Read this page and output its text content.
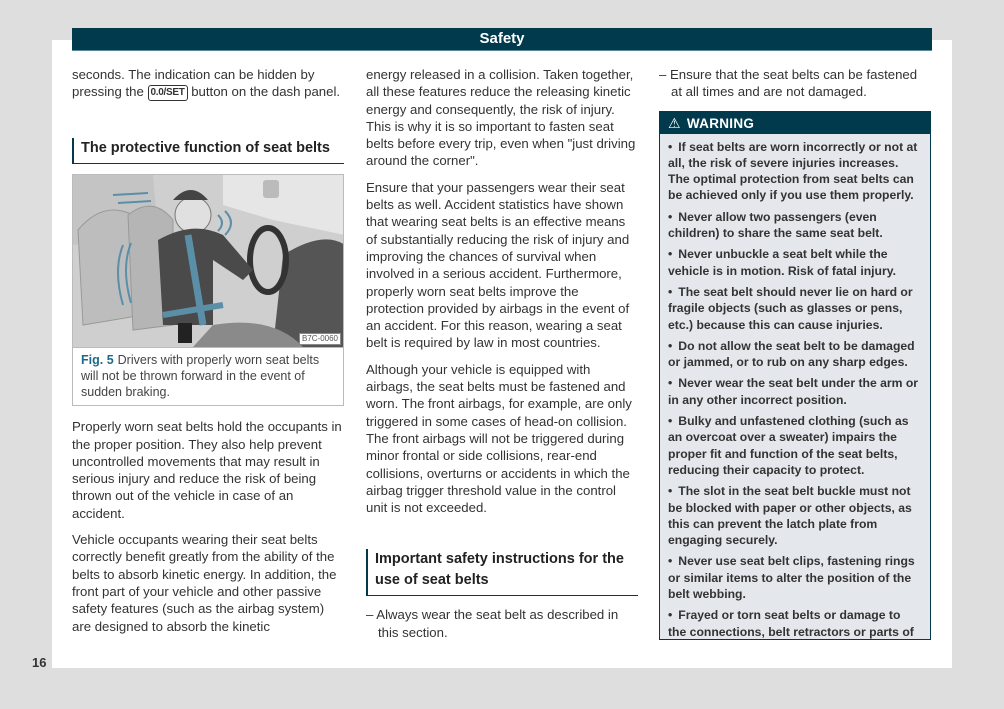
Safety

seconds. The indication can be hidden by pressing the 0.0/SET button on the dash panel.

The protective function of seat belts
B7C-0060
Fig. 5 Drivers with properly worn seat belts will not be thrown forward in the event of sudden braking.

Properly worn seat belts hold the occupants in the proper position. They also help prevent uncontrolled movements that may result in serious injury and reduce the risk of being thrown out of the vehicle in case of an accident.

Vehicle occupants wearing their seat belts correctly benefit greatly from the ability of the belts to absorb kinetic energy. In addition, the front part of your vehicle and other passive safety features (such as the airbag system) are designed to absorb the kinetic

energy released in a collision. Taken together, all these features reduce the releasing kinetic energy and consequently, the risk of injury. This is why it is so important to fasten seat belts before every trip, even when "just driving around the corner".

Ensure that your passengers wear their seat belts as well. Accident statistics have shown that wearing seat belts is an effective means of substantially reducing the risk of injury and improving the chances of survival when involved in a serious accident. Furthermore, properly worn seat belts improve the protection provided by airbags in the event of an accident. For this reason, wearing a seat belt is required by law in most countries.

Although your vehicle is equipped with airbags, the seat belts must be fastened and worn. The front airbags, for example, are only triggered in some cases of head-on collision. The front airbags will not be triggered during minor frontal or side collisions, rear-end collisions, overturns or accidents in which the airbag trigger threshold value in the control unit is not exceeded.

Important safety instructions for the use of seat belts
– Always wear the seat belt as described in this section.
– Ensure that the seat belts can be fastened at all times and are not damaged.
⚠ WARNING
• If seat belts are worn incorrectly or not at all, the risk of severe injuries increases. The optimal protection from seat belts can be achieved only if you use them properly.
• Never allow two passengers (even children) to share the same seat belt.
• Never unbuckle a seat belt while the vehicle is in motion. Risk of fatal injury.
• The seat belt should never lie on hard or fragile objects (such as glasses or pens, etc.) because this can cause injuries.
• Do not allow the seat belt to be damaged or jammed, or to rub on any sharp edges.
• Never wear the seat belt under the arm or in any other incorrect position.
• Bulky and unfastened clothing (such as an overcoat over a sweater) impairs the proper fit and function of the seat belts, reducing their capacity to protect.
• The slot in the seat belt buckle must not be blocked with paper or other objects, as this can prevent the latch plate from engaging securely.
• Never use seat belt clips, fastening rings or similar items to alter the position of the belt webbing.
• Frayed or torn seat belts or damage to the connections, belt retractors or parts of
16
